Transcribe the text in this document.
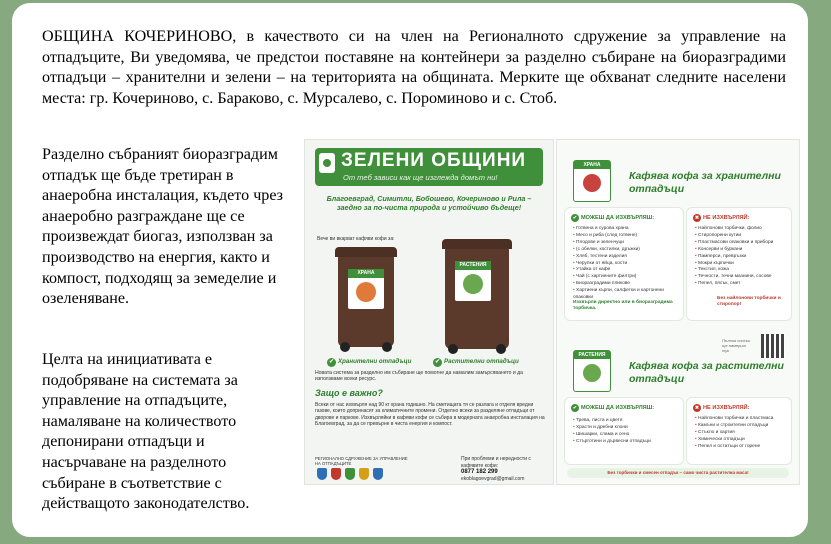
ОБЩИНА КОЧЕРИНОВО, в качеството си на член на Регионалното сдружение за управление на отпадъците, Ви уведомява, че предстои поставяне на контейнери за разделно събиране на биоразградими отпадъци – хранителни и зелени – на територията на общината. Мерките ще обхванат следните населени места: гр. Кочериново, с. Бараково, с. Мурсалево, с. Пороминово и с. Стоб.
Разделно събраният биоразградим отпадък ще бъде третиран в анаеробна инсталация, където чрез анаеробно разграждане ще се произвеждат биогаз, използван за производство на енергия, както и компост, подходящ за земеделие и озеленяване.
Целта на инициативата е подобряване на системата за управление на отпадъците, намаляване на количеството депонирани отпадъци и насърчаване на разделното събиране в съответствие с действащото законодателство.
ЗЕЛЕНИ ОБЩИНИ
От теб зависи как ще изглежда домът ни!
Благоевград, Симитли, Бобошево, Кочериново и Рила – заедно за по-чиста природа и устойчиво бъдеще!
Вече ви вкарват кафяви кофи за:
ХРАНА
РАСТЕНИЯ
✔ Хранителни отпадъци
✔	Растителни отпадъци
Новата система за разделно им събиране ще помогне да намалим замърсяването и да използваме всеки ресурс.
Защо е важно?
Всеки от нас изхвърля над 90 кг храна годишно. На сметищата тя се разлага и отделя вредни газове, които допринасят за климатичните промени. Отделно всеки за разделяне отпадъци от дворове и паркове. Изхвърляйки в кафяви кофи се събира в модерната анаеробна инсталация на Благоевград, за да се превърне в чиста енергия и компост.
РЕГИОНАЛНО СДРУЖЕНИЕ ЗА УПРАВЛЕНИЕ НА ОТПАДЪЦИТЕ
При проблеми и нередности с кафявите кофи:
0877 182 299
ekoblagoevgrad@gmail.com
ХРАНА
Кафява кофа за хранителни отпадъци
✔ МОЖЕШ ДА ИЗХВЪРЛЯШ:
• Готвена и сурова храна
• Месо и риба (след готвене)
• Плодове и зеленчуци
• (с обелки, костилки, дръжки)
• Хляб, тестени изделия
• Черупки от яйца, кости
• Утайка от кафе
• Чай (с хартиените филтри)
• Биоразградими пликове
• Хартиени кърпи, салфетки и картонени опаковки
Изхвърли директно или в биоразградима торбичка.
✖ НЕ ИЗХВЪРЛЯЙ:
• Найлонови торбички, фолио
• Стиропорени кутии
• Пластмасови опаковки и прибори
• Консерви и буркани
• Памперси, превръзки
• Мокри кърпички
• Текстил, кожа
• Течности, течни мазнини, сосове
• Пепел, пясък, смет
Без найлонови торбички и стиропор!
Пълния списък ще намериш тук
РАСТЕНИЯ
Кафява кофа за растителни отпадъци
✔ МОЖЕШ ДА ИЗХВЪРЛЯШ:
• Трева, листа и цветя
• Храсти и дребни клони
• Шишарки, слама и сено
• Стърготини и дървесни отпадъци
✖ НЕ ИЗХВЪРЛЯЙ:
• Найлонови торбички и пластмаса
• Камъни и строителни отпадъци
• Стъкло и хартия
• Химически отпадъци
• Пепел и остатъци от горене
Без торбички и смесен отпадък – само чиста растителна маса!
